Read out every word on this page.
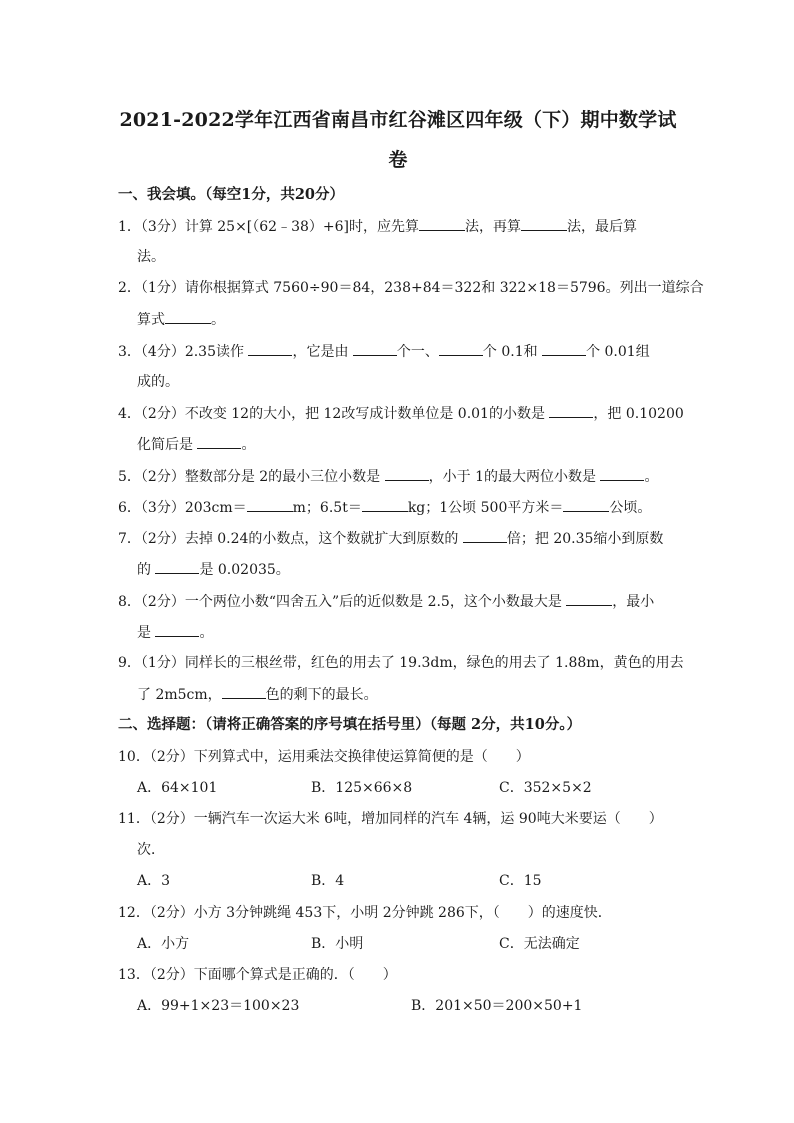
2021-2022学年江西省南昌市红谷滩区四年级（下）期中数学试
卷
一、我会填。（每空1分，共20分）
1．（3分）计算 25×[（62﹣38）+6]时，应先算	法，再算	法，最后算
法。
2．（1分）请你根据算式 7560÷90＝84，238+84＝322和 322×18＝5796。列出一道综合
算式	。
3．（4分）2.35读作	，它是由	个一、	个 0.1和	个 0.01组
成的。
4．（2分）不改变 12的大小，把 12改写成计数单位是 0.01的小数是	，把 0.10200
化简后是	。
5．（2分）整数部分是 2的最小三位小数是	，小于 1的最大两位小数是	。
6．（3分）203cm＝	m；6.5t＝	kg；1公顷 500平方米＝	公顷。
7．（2分）去掉 0.24的小数点，这个数就扩大到原数的	倍；把 20.35缩小到原数
的	是 0.02035。
8．（2分）一个两位小数“四舍五入”后的近似数是 2.5，这个小数最大是	，最小
是	。
9．（1分）同样长的三根丝带，红色的用去了 19.3dm，绿色的用去了 1.88m，黄色的用去
了 2m5cm，	色的剩下的最长。
二、选择题：（请将正确答案的序号填在括号里）（每题 2分，共10分。）
10．（2分）下列算式中，运用乘法交换律使运算简便的是（　　）
A．64×101	B．125×66×8	C．352×5×2
11．（2分）一辆汽车一次运大米 6吨，增加同样的汽车 4辆，运 90吨大米要运（　　）
次．
A．3	B．4	C．15
12．（2分）小方 3分钟跳绳 453下，小明 2分钟跳 286下，（　　）的速度快．
A．小方	B．小明	C．无法确定
13．（2分）下面哪个算式是正确的．（　　）
A．99+1×23＝100×23	B．201×50＝200×50+1
